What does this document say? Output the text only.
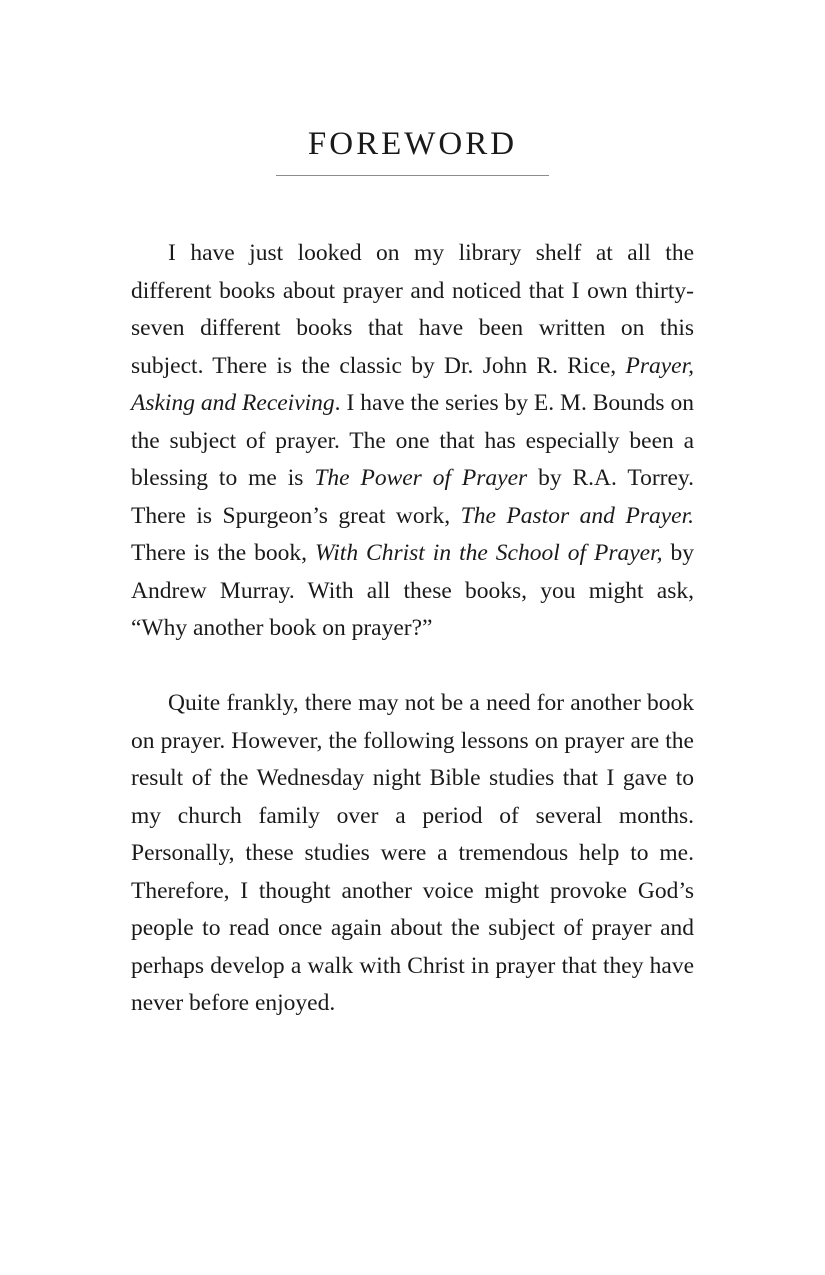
FOREWORD

I have just looked on my library shelf at all the different books about prayer and noticed that I own thirty-seven different books that have been written on this subject. There is the classic by Dr. John R. Rice, Prayer, Asking and Receiving. I have the series by E. M. Bounds on the subject of prayer. The one that has especially been a blessing to me is The Power of Prayer by R.A. Torrey. There is Spurgeon’s great work, The Pastor and Prayer. There is the book, With Christ in the School of Prayer, by Andrew Murray. With all these books, you might ask, “Why another book on prayer?”

Quite frankly, there may not be a need for another book on prayer. However, the following lessons on prayer are the result of the Wednesday night Bible studies that I gave to my church family over a period of several months. Personally, these studies were a tremendous help to me. Therefore, I thought another voice might provoke God’s people to read once again about the subject of prayer and perhaps develop a walk with Christ in prayer that they have never before enjoyed.
